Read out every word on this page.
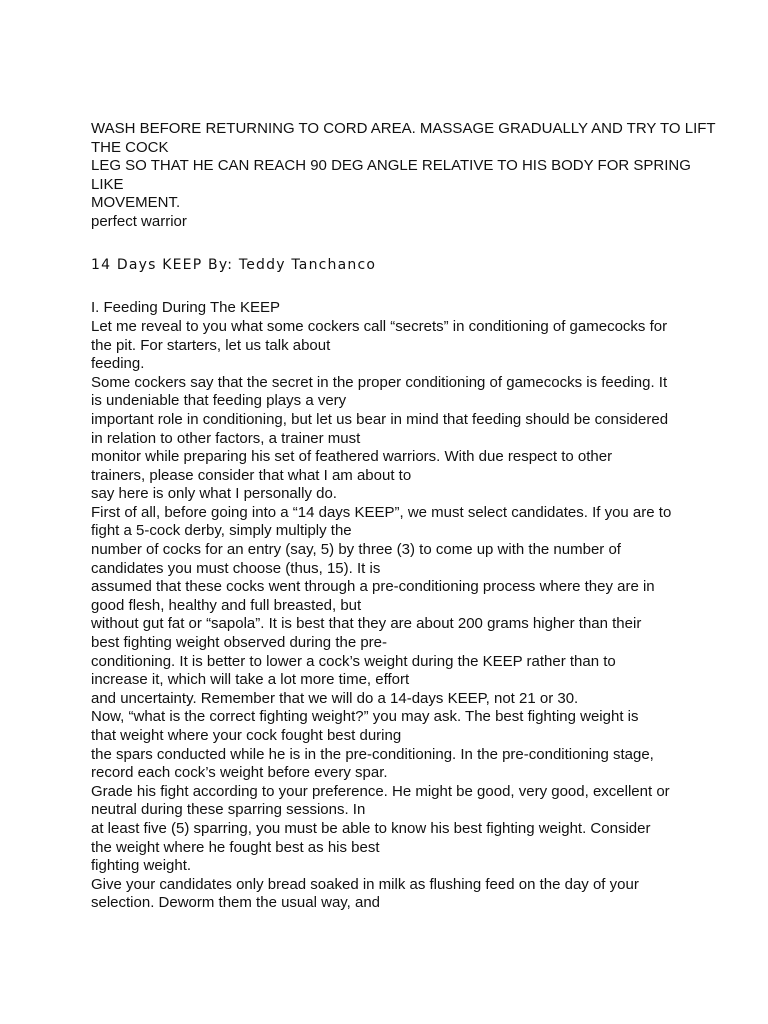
WASH BEFORE RETURNING TO CORD AREA. MASSAGE GRADUALLY AND TRY TO LIFT
THE COCK
LEG SO THAT HE CAN REACH 90 DEG ANGLE RELATIVE TO HIS BODY FOR SPRING
LIKE
MOVEMENT.
perfect warrior
14 Days KEEP By: Teddy Tanchanco
I. Feeding During The KEEP
Let me reveal to you what some cockers call “secrets” in conditioning of gamecocks for
the pit. For starters, let us talk about
feeding.
Some cockers say that the secret in the proper conditioning of gamecocks is feeding. It
is undeniable that feeding plays a very
important role in conditioning, but let us bear in mind that feeding should be considered
in relation to other factors, a trainer must
monitor while preparing his set of feathered warriors. With due respect to other
trainers, please consider that what I am about to
say here is only what I personally do.
First of all, before going into a “14 days KEEP”, we must select candidates. If you are to
fight a 5-cock derby, simply multiply the
number of cocks for an entry (say, 5) by three (3) to come up with the number of
candidates you must choose (thus, 15). It is
assumed that these cocks went through a pre-conditioning process where they are in
good flesh, healthy and full breasted, but
without gut fat or “sapola”. It is best that they are about 200 grams higher than their
best fighting weight observed during the pre-
conditioning. It is better to lower a cock’s weight during the KEEP rather than to
increase it, which will take a lot more time, effort
and uncertainty. Remember that we will do a 14-days KEEP, not 21 or 30.
Now, “what is the correct fighting weight?” you may ask. The best fighting weight is
that weight where your cock fought best during
the spars conducted while he is in the pre-conditioning. In the pre-conditioning stage,
record each cock’s weight before every spar.
Grade his fight according to your preference. He might be good, very good, excellent or
neutral during these sparring sessions. In
at least five (5) sparring, you must be able to know his best fighting weight. Consider
the weight where he fought best as his best
fighting weight.
Give your candidates only bread soaked in milk as flushing feed on the day of your
selection. Deworm them the usual way, and
